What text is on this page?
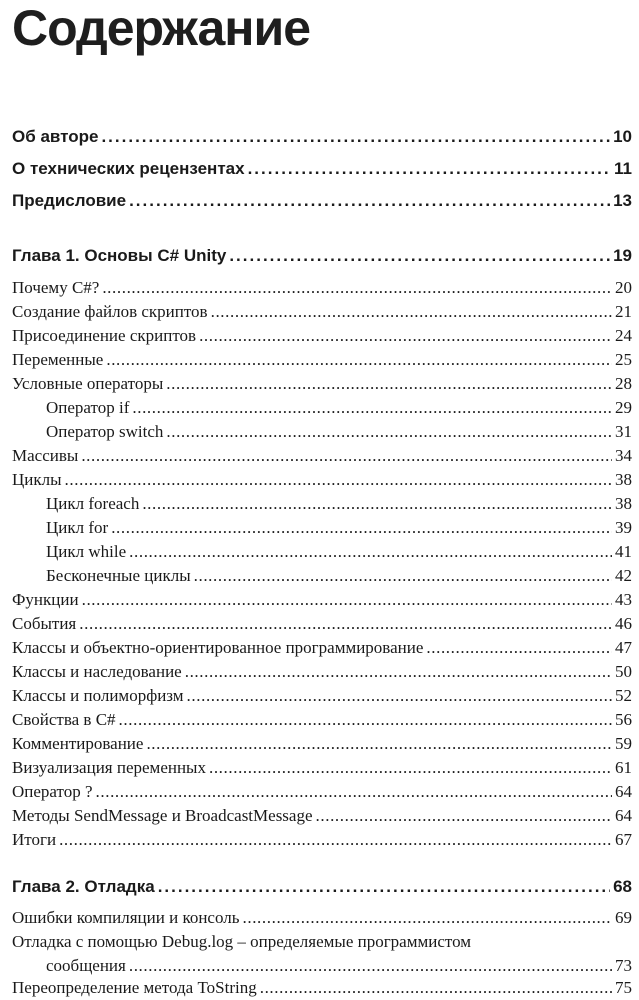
Содержание
Об авторе .....	10
О технических рецензентах .....	11
Предисловие .....	13
Глава 1. Основы C# Unity .....	19
Почему C#? .....	20
Создание файлов скриптов .....	21
Присоединение скриптов .....	24
Переменные .....	25
Условные операторы .....	28
Оператор if .....	29
Оператор switch .....	31
Массивы .....	34
Циклы .....	38
Цикл foreach .....	38
Цикл for .....	39
Цикл while .....	41
Бесконечные циклы .....	42
Функции .....	43
События .....	46
Классы и объектно-ориентированное программирование .....	47
Классы и наследование .....	50
Классы и полиморфизм .....	52
Свойства в C# .....	56
Комментирование .....	59
Визуализация переменных .....	61
Оператор ? .....	64
Методы SendMessage и BroadcastMessage .....	64
Итоги .....	67
Глава 2. Отладка .....	68
Ошибки компиляции и консоль .....	69
Отладка с помощью Debug.log – определяемые программистом
сообщения .....	73
Переопределение метода ToString .....	75
